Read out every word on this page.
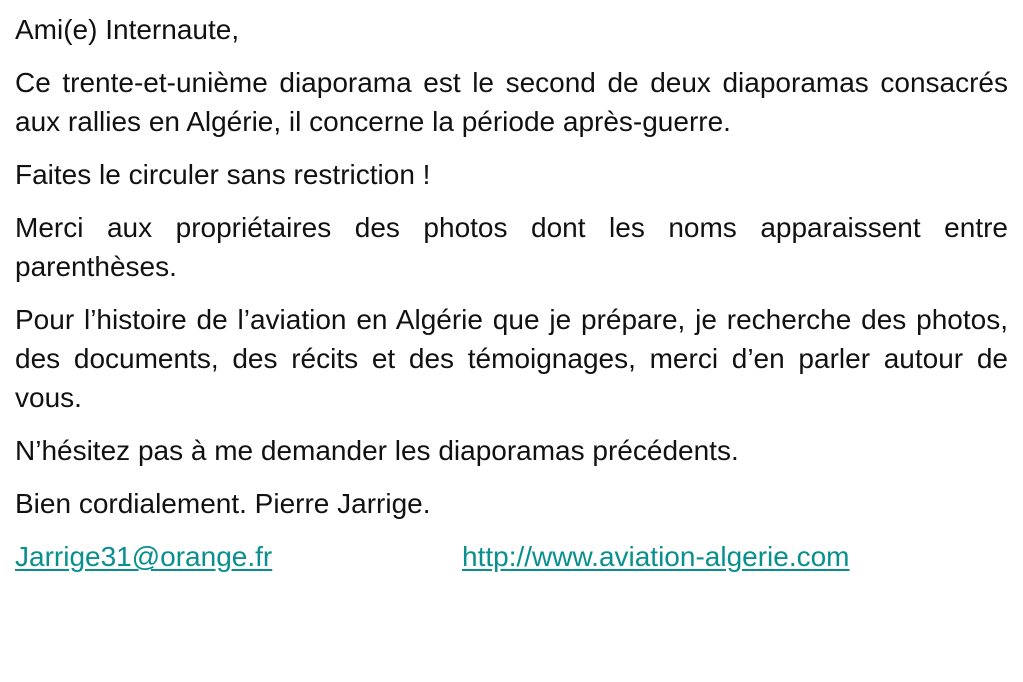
Ami(e) Internaute,

Ce trente-et-unième diaporama est le second de deux diaporamas consacrés aux rallies en Algérie, il concerne la période après-guerre.

Faites le circuler sans restriction !

Merci aux propriétaires des photos dont les noms apparaissent entre parenthèses.

Pour l’histoire de l’aviation en Algérie que je prépare, je recherche des photos, des documents, des récits et des témoignages, merci d’en parler autour de vous.

N’hésitez pas à me demander les diaporamas précédents.

Bien cordialement. Pierre Jarrige.

Jarrige31@orange.fr	http://www.aviation-algerie.com
